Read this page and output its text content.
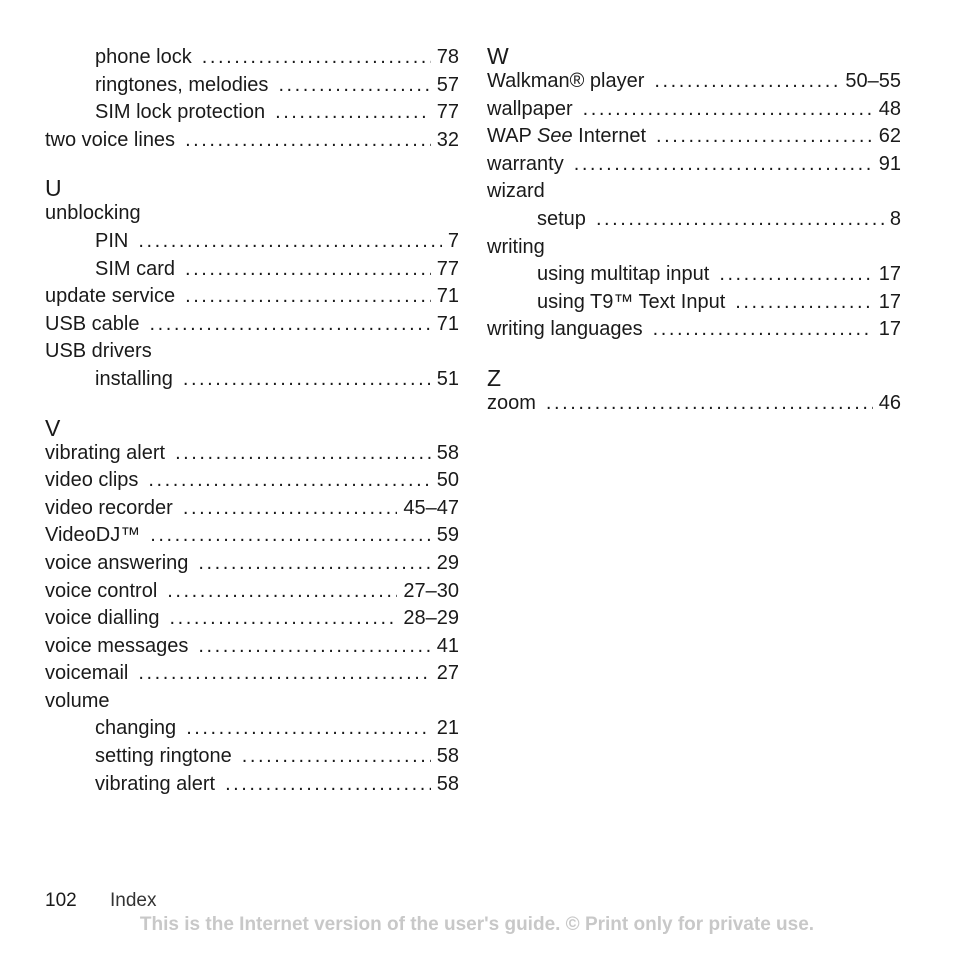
phone lock . . .	78
ringtones, melodies . . .	57
SIM lock protection . . .	77
two voice lines . . .	32
U
unblocking
PIN . . .	7
SIM card . . .	77
update service . . .	71
USB cable . . .	71
USB drivers
installing . . .	51
V
vibrating alert . . .	58
video clips . . .	50
video recorder . . .	45–47
VideoDJ™ . . .	59
voice answering . . .	29
voice control . . .	27–30
voice dialling . . .	28–29
voice messages . . .	41
voicemail . . .	27
volume
changing . . .	21
setting ringtone . . .	58
vibrating alert . . .	58
W
Walkman® player . . .	50–55
wallpaper . . .	48
WAP See Internet . . .	62
warranty . . .	91
wizard
setup . . .	8
writing
using multitap input . . .	17
using T9™ Text Input . . .	17
writing languages . . .	17
Z
zoom . . .	46
102 Index
This is the Internet version of the user's guide. © Print only for private use.
